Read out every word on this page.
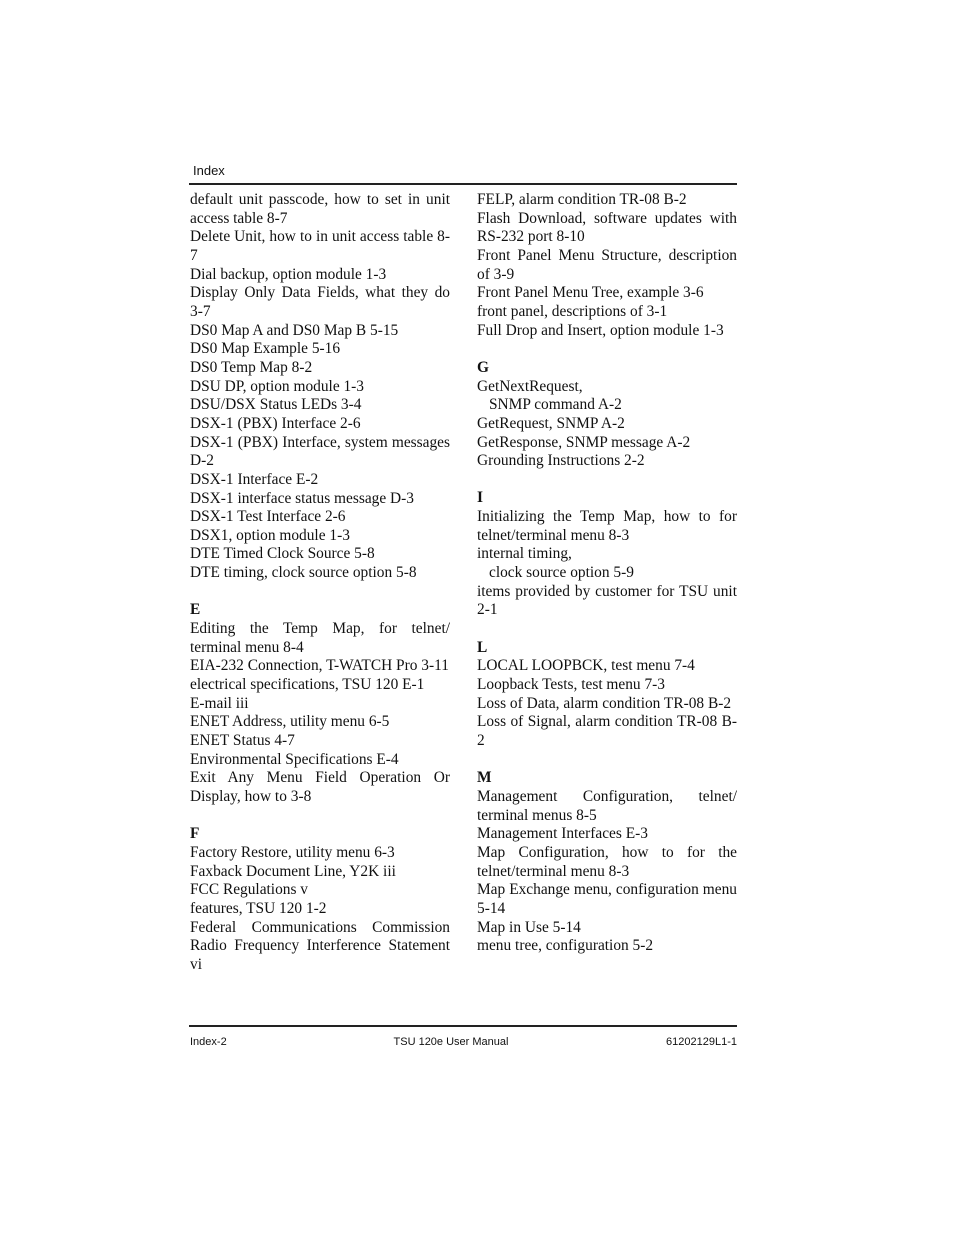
Index
default unit passcode, how to set in unit access table 8-7
Delete Unit, how to in unit access table 8-7
Dial backup, option module 1-3
Display Only Data Fields, what they do 3-7
DS0 Map A and DS0 Map B 5-15
DS0 Map Example 5-16
DS0 Temp Map 8-2
DSU DP, option module 1-3
DSU/DSX Status LEDs 3-4
DSX-1 (PBX) Interface 2-6
DSX-1 (PBX) Interface, system messages D-2
DSX-1 Interface E-2
DSX-1 interface status message D-3
DSX-1 Test Interface 2-6
DSX1, option module 1-3
DTE Timed Clock Source 5-8
DTE timing, clock source option 5-8
E
Editing the Temp Map, for telnet/ terminal menu 8-4
EIA-232 Connection, T-WATCH Pro 3-11
electrical specifications, TSU 120 E-1
E-mail iii
ENET Address, utility menu 6-5
ENET Status 4-7
Environmental Specifications E-4
Exit Any Menu Field Operation Or Display, how to 3-8
F
Factory Restore, utility menu 6-3
Faxback Document Line, Y2K iii
FCC Regulations v
features, TSU 120 1-2
Federal Communications Commission Radio Frequency Interference Statement vi
FELP, alarm condition TR-08 B-2
Flash Download, software updates with RS-232 port 8-10
Front Panel Menu Structure, description of 3-9
Front Panel Menu Tree, example 3-6
front panel, descriptions of 3-1
Full Drop and Insert, option module 1-3
G
GetNextRequest,
SNMP command A-2
GetRequest, SNMP A-2
GetResponse, SNMP message A-2
Grounding Instructions 2-2
I
Initializing the Temp Map, how to for telnet/terminal menu 8-3
internal timing,
clock source option 5-9
items provided by customer for TSU unit 2-1
L
LOCAL LOOPBCK, test menu 7-4
Loopback Tests, test menu 7-3
Loss of Data, alarm condition TR-08 B-2
Loss of Signal, alarm condition TR-08 B-2
M
Management Configuration, telnet/ terminal menus 8-5
Management Interfaces E-3
Map Configuration, how to for the telnet/terminal menu 8-3
Map Exchange menu, configuration menu 5-14
Map in Use 5-14
menu tree, configuration 5-2
Index-2	TSU 120e User Manual	61202129L1-1
